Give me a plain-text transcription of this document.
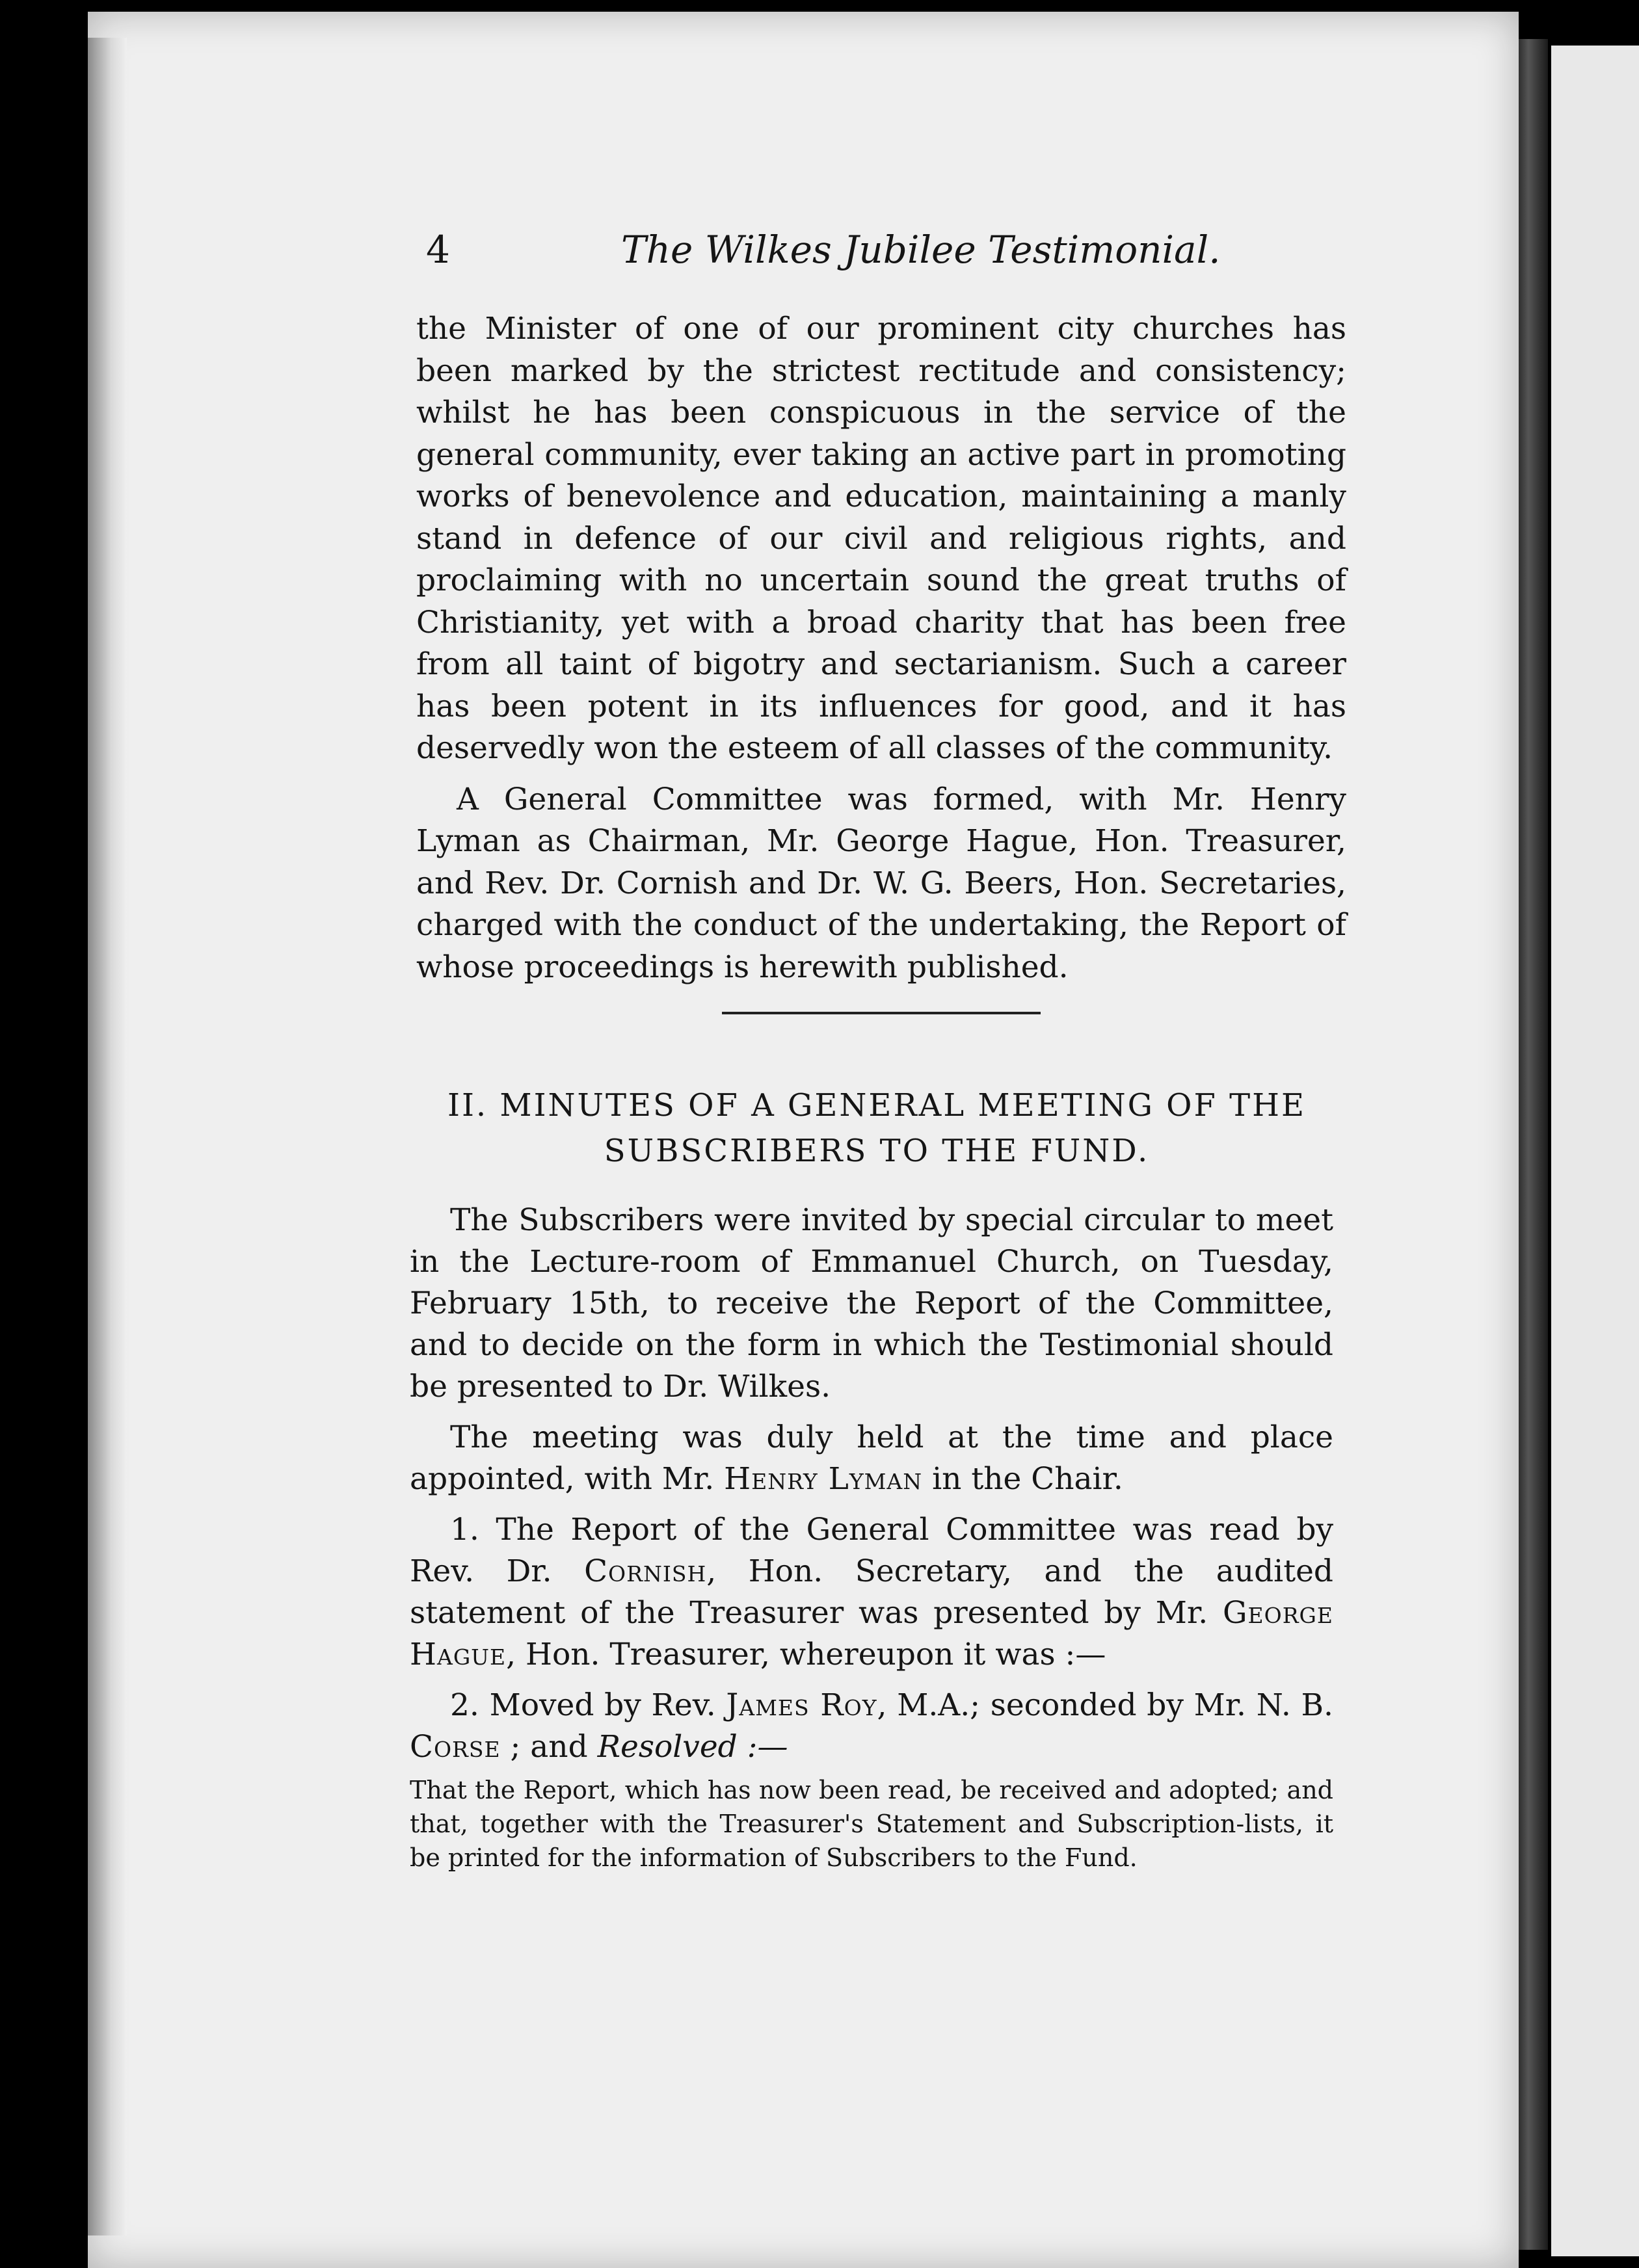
4	The Wilkes Jubilee Testimonial.

the Minister of one of our prominent city churches has been marked by the strictest rectitude and consistency; whilst he has been conspicuous in the service of the general community, ever taking an active part in promoting works of benevolence and education, maintaining a manly stand in defence of our civil and religious rights, and proclaiming with no uncertain sound the great truths of Christianity, yet with a broad charity that has been free from all taint of bigotry and sectarianism. Such a career has been potent in its influences for good, and it has deservedly won the esteem of all classes of the community.

A General Committee was formed, with Mr. Henry Lyman as Chairman, Mr. George Hague, Hon. Treasurer, and Rev. Dr. Cornish and Dr. W. G. Beers, Hon. Secretaries, charged with the conduct of the undertaking, the Report of whose proceedings is herewith published.

II. MINUTES OF A GENERAL MEETING OF THE
SUBSCRIBERS TO THE FUND.

The Subscribers were invited by special circular to meet in the Lecture-room of Emmanuel Church, on Tuesday, February 15th, to receive the Report of the Committee, and to decide on the form in which the Testimonial should be presented to Dr. Wilkes.

The meeting was duly held at the time and place appointed, with Mr. Henry Lyman in the Chair.

1. The Report of the General Committee was read by Rev. Dr. Cornish, Hon. Secretary, and the audited statement of the Treasurer was presented by Mr. George Hague, Hon. Treasurer, whereupon it was :—

2. Moved by Rev. James Roy, M.A.; seconded by Mr. N. B. Corse ; and Resolved :—

That the Report, which has now been read, be received and adopted; and that, together with the Treasurer's Statement and Subscription-lists, it be printed for the information of Subscribers to the Fund.
